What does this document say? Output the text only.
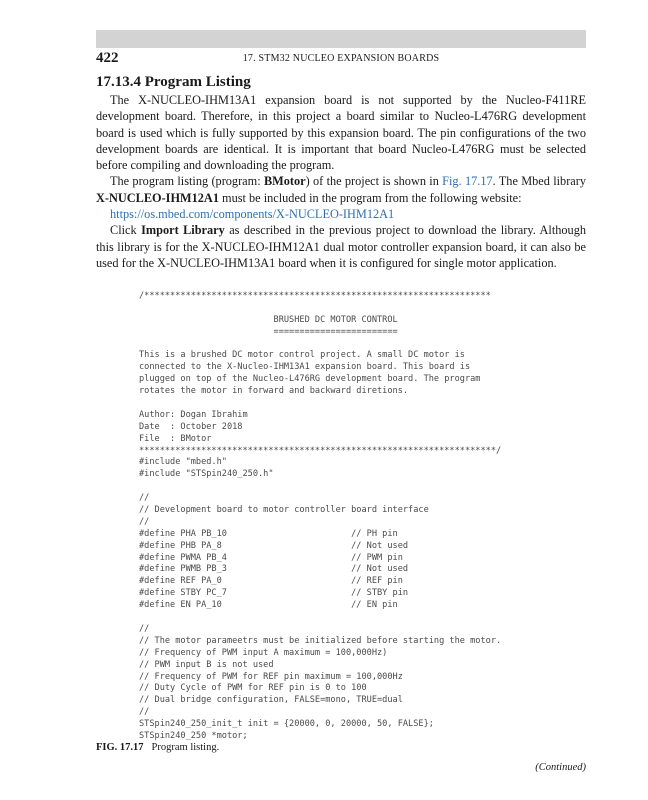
422	17. STM32 NUCLEO EXPANSION BOARDS
17.13.4 Program Listing

The X-NUCLEO-IHM13A1 expansion board is not supported by the Nucleo-F411RE development board. Therefore, in this project a board similar to Nucleo-L476RG development board is used which is fully supported by this expansion board. The pin configurations of the two development boards are identical. It is important that board Nucleo-L476RG must be selected before compiling and downloading the program.

The program listing (program: BMotor) of the project is shown in Fig. 17.17. The Mbed library X-NUCLEO-IHM12A1 must be included in the program from the following website:

https://os.mbed.com/components/X-NUCLEO-IHM12A1

Click Import Library as described in the previous project to download the library. Although this library is for the X-NUCLEO-IHM12A1 dual motor controller expansion board, it can also be used for the X-NUCLEO-IHM13A1 board when it is configured for single motor application.

/*******************************************************************
BRUSHED DC MOTOR CONTROL
========================
This is a brushed DC motor control project. A small DC motor is
connected to the X-Nucleo-IHM13A1 expansion board. This board is
plugged on top of the Nucleo-L476RG development board. The program
rotates the motor in forward and backward diretions.
Author: Dogan Ibrahim
Date  : October 2018
File  : BMotor
*********************************************************************/
#include "mbed.h"
#include "STSpin240_250.h"
//
// Development board to motor controller board interface
//
#define PHA PB_10                        // PH pin
#define PHB PA_8                         // Not used
#define PWMA PB_4                        // PWM pin
#define PWMB PB_3                        // Not used
#define REF PA_0                         // REF pin
#define STBY PC_7                        // STBY pin
#define EN PA_10                         // EN pin
//
// The motor parameetrs must be initialized before starting the motor.
// Frequency of PWM input A maximum = 100,000Hz)
// PWM input B is not used
// Frequency of PWM for REF pin maximum = 100,000Hz
// Duty Cycle of PWM for REF pin is 0 to 100
// Dual bridge configuration, FALSE=mono, TRUE=dual
//
STSpin240_250_init_t init = {20000, 0, 20000, 50, FALSE};
STSpin240_250 *motor;
FIG. 17.17 Program listing.
(Continued)
